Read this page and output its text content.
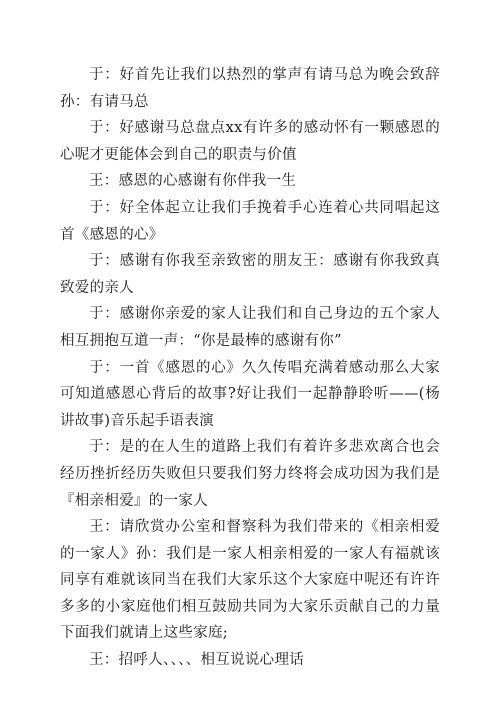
于：好首先让我们以热烈的掌声有请马总为晚会致辞孙：有请马总

于：好感谢马总盘点xx有许多的感动怀有一颗感恩的心呢才更能体会到自己的职责与价值

王：感恩的心感谢有你伴我一生

于：好全体起立让我们手挽着手心连着心共同唱起这首《感恩的心》

于：感谢有你我至亲致密的朋友王：感谢有你我致真致爱的亲人

于：感谢你亲爱的家人让我们和自己身边的五个家人相互拥抱互道一声：“你是最棒的感谢有你”

于：一首《感恩的心》久久传唱充满着感动那么大家可知道感恩心背后的故事?好让我们一起静静聆听——(杨讲故事)音乐起手语表演

于：是的在人生的道路上我们有着许多悲欢离合也会经历挫折经历失败但只要我们努力终将会成功因为我们是『相亲相爱』的一家人

王：请欣赏办公室和督察科为我们带来的《相亲相爱的一家人》孙：我们是一家人相亲相爱的一家人有福就该同享有难就该同当在我们大家乐这个大家庭中呢还有许许多多的小家庭他们相互鼓励共同为大家乐贡献自己的力量下面我们就请上这些家庭;

王：招呼人、、、、相互说说心理话
